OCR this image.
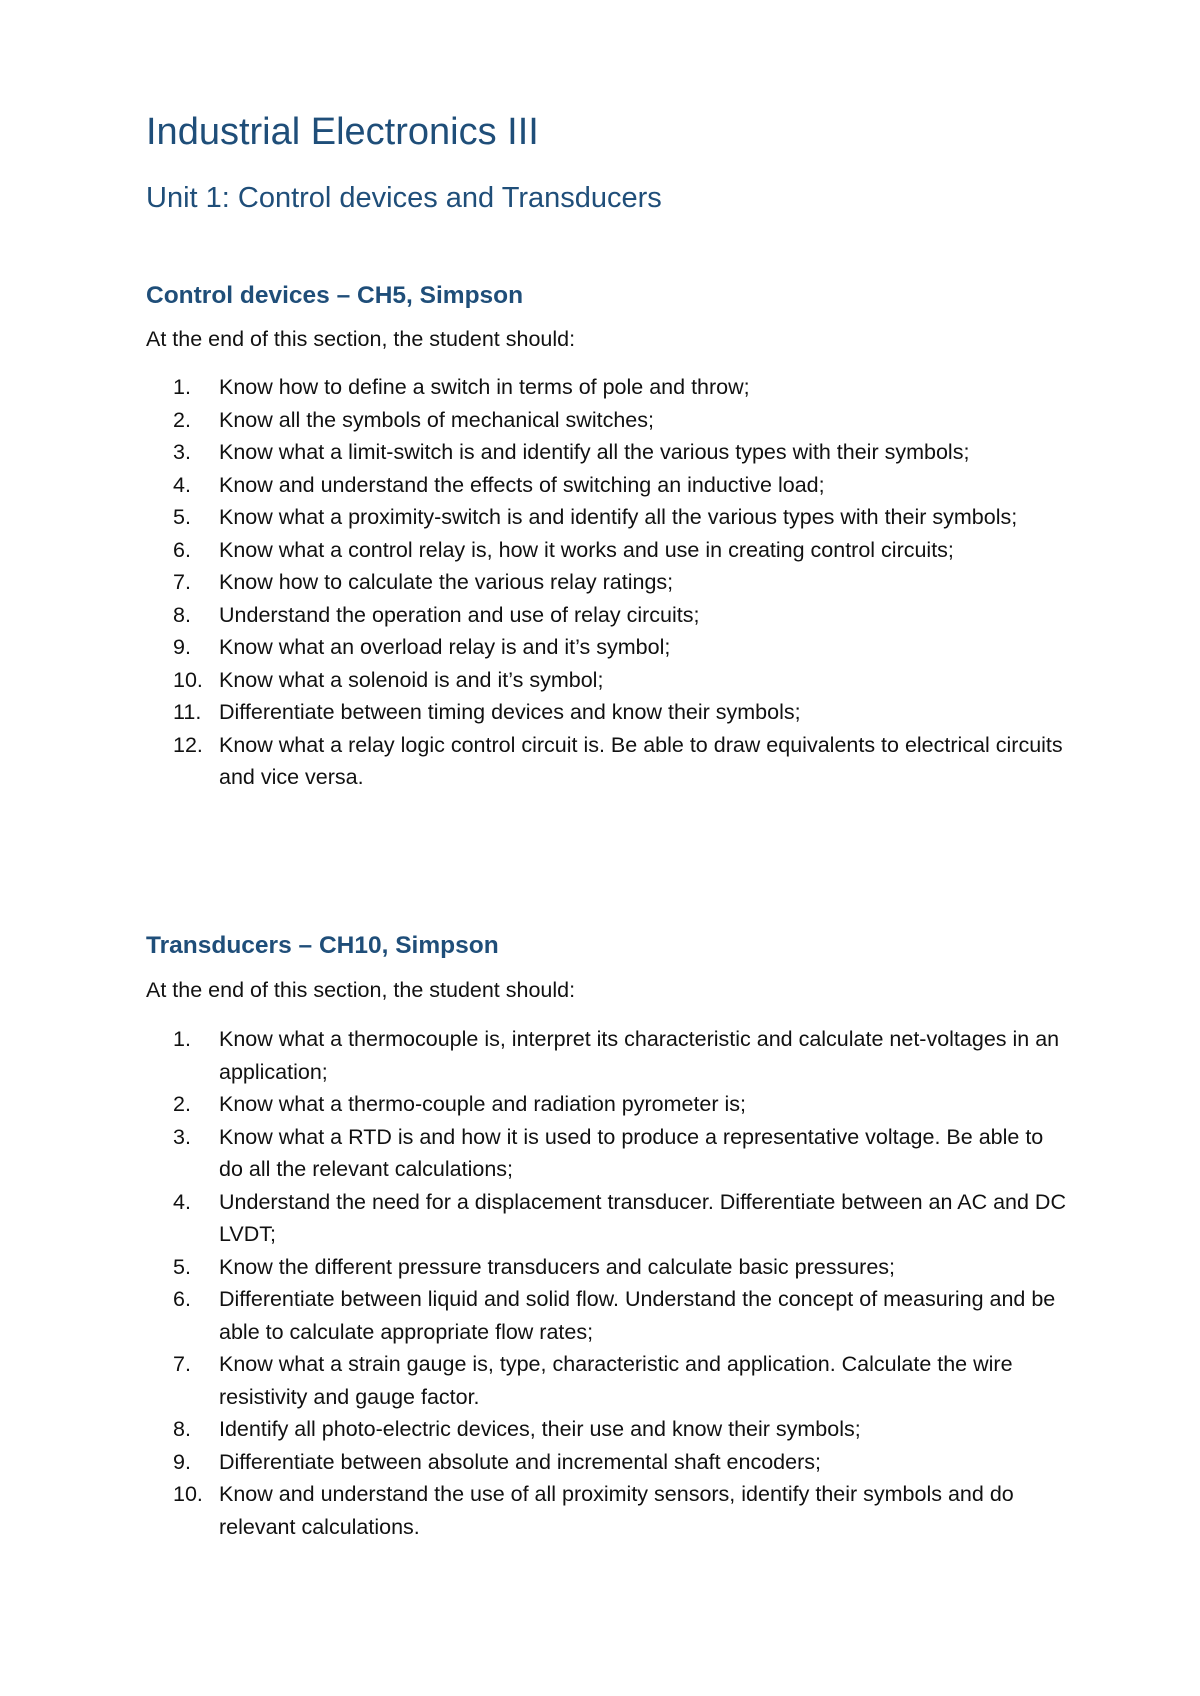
Industrial Electronics III
Unit 1: Control devices and Transducers
Control devices – CH5, Simpson

At the end of this section, the student should:

1. Know how to define a switch in terms of pole and throw;
2. Know all the symbols of mechanical switches;
3. Know what a limit-switch is and identify all the various types with their symbols;
4. Know and understand the effects of switching an inductive load;
5. Know what a proximity-switch is and identify all the various types with their symbols;
6. Know what a control relay is, how it works and use in creating control circuits;
7. Know how to calculate the various relay ratings;
8. Understand the operation and use of relay circuits;
9. Know what an overload relay is and it’s symbol;
10. Know what a solenoid is and it’s symbol;
11. Differentiate between timing devices and know their symbols;
12. Know what a relay logic control circuit is. Be able to draw equivalents to electrical circuits and vice versa.
Transducers – CH10, Simpson

At the end of this section, the student should:

1. Know what a thermocouple is, interpret its characteristic and calculate net-voltages in an application;
2. Know what a thermo-couple and radiation pyrometer is;
3. Know what a RTD is and how it is used to produce a representative voltage. Be able to do all the relevant calculations;
4. Understand the need for a displacement transducer. Differentiate between an AC and DC LVDT;
5. Know the different pressure transducers and calculate basic pressures;
6. Differentiate between liquid and solid flow. Understand the concept of measuring and be able to calculate appropriate flow rates;
7. Know what a strain gauge is, type, characteristic and application. Calculate the wire resistivity and gauge factor.
8. Identify all photo-electric devices, their use and know their symbols;
9. Differentiate between absolute and incremental shaft encoders;
10. Know and understand the use of all proximity sensors, identify their symbols and do relevant calculations.
